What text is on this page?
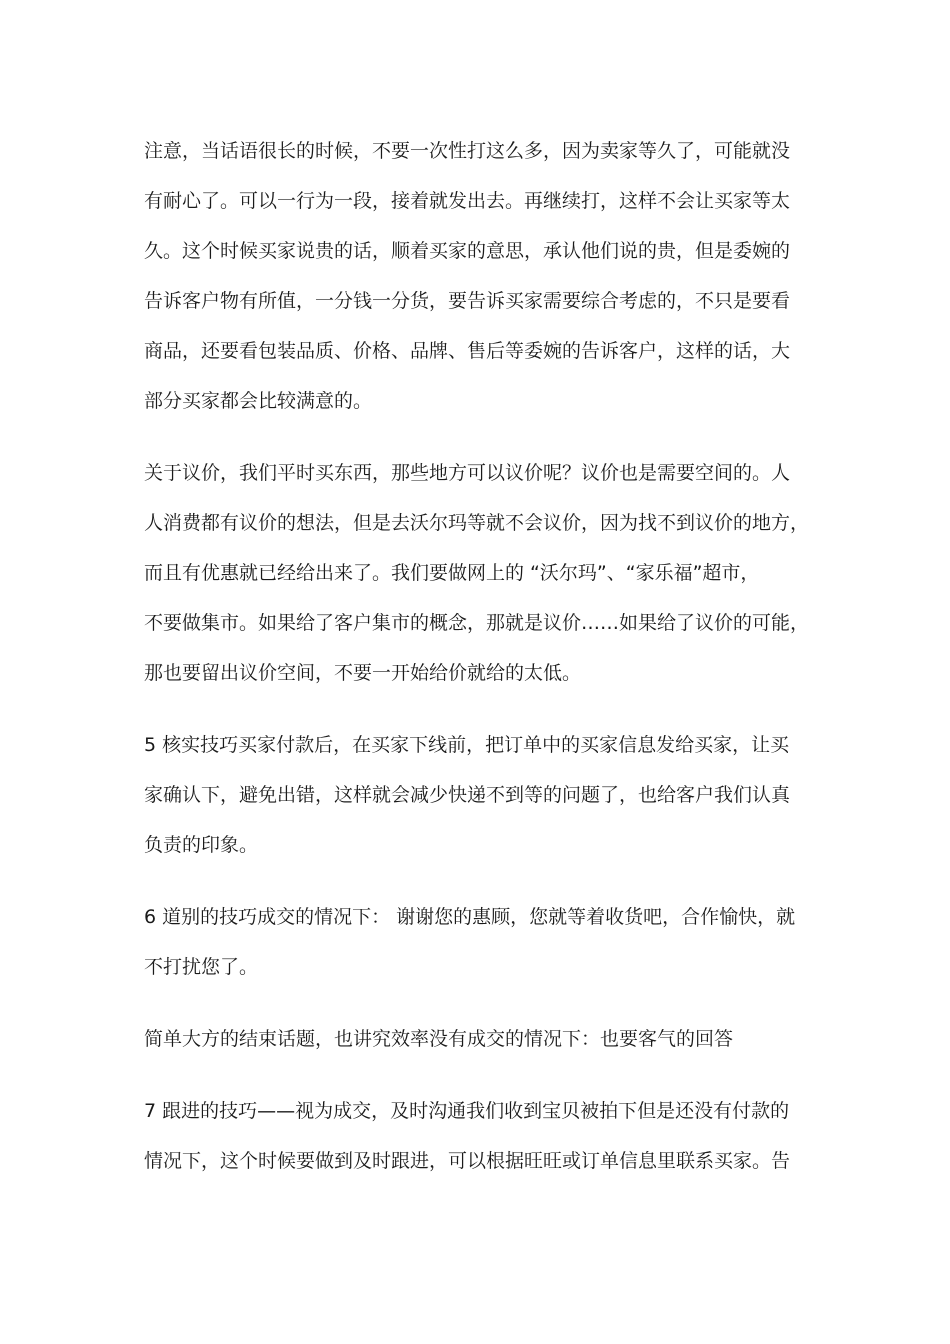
注意，当话语很长的时候，不要一次性打这么多，因为卖家等久了，可能就没
有耐心了。可以一行为一段，接着就发出去。再继续打，这样不会让买家等太
久。这个时候买家说贵的话，顺着买家的意思，承认他们说的贵，但是委婉的
告诉客户物有所值，一分钱一分货，要告诉买家需要综合考虑的，不只是要看
商品，还要看包装品质、价格、品牌、售后等委婉的告诉客户，这样的话，大
部分买家都会比较满意的。
关于议价，我们平时买东西，那些地方可以议价呢？议价也是需要空间的。人
人消费都有议价的想法，但是去沃尔玛等就不会议价，因为找不到议价的地方，
而且有优惠就已经给出来了。我们要做网上的 “沃尔玛”、“家乐福”超市，
不要做集市。如果给了客户集市的概念，那就是议价……如果给了议价的可能，
那也要留出议价空间，不要一开始给价就给的太低。
5 核实技巧买家付款后，在买家下线前，把订单中的买家信息发给买家，让买
家确认下，避免出错，这样就会减少快递不到等的问题了，也给客户我们认真
负责的印象。
6 道别的技巧成交的情况下： 谢谢您的惠顾，您就等着收货吧，合作愉快，就
不打扰您了。
简单大方的结束话题，也讲究效率没有成交的情况下：也要客气的回答
7 跟进的技巧——视为成交，及时沟通我们收到宝贝被拍下但是还没有付款的
情况下，这个时候要做到及时跟进，可以根据旺旺或订单信息里联系买家。告
